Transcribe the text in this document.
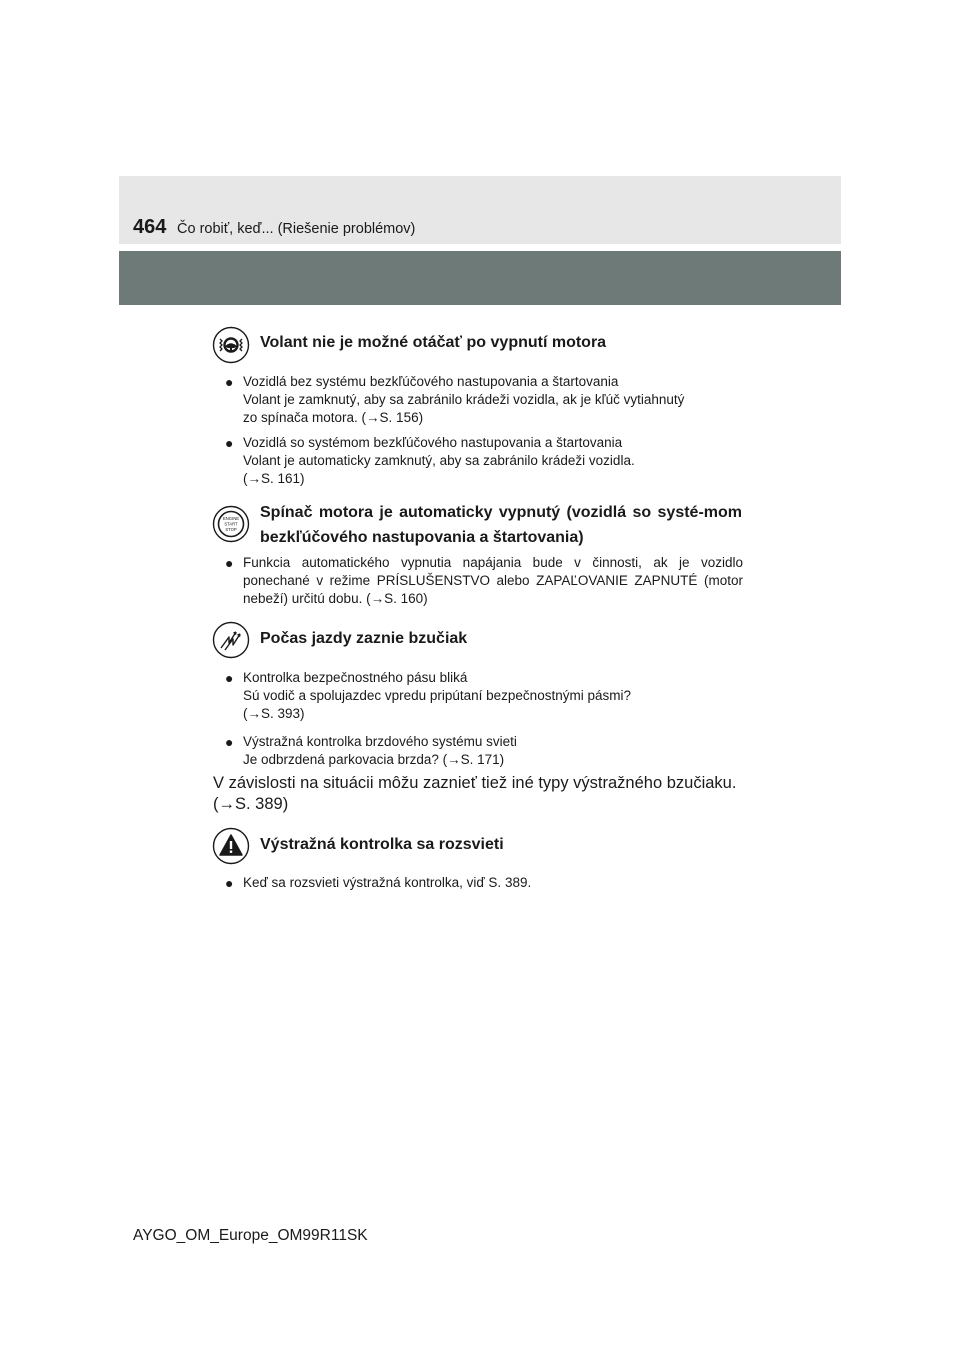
464 Čo robiť, keď... (Riešenie problémov)
Volant nie je možné otáčať po vypnutí motora
● Vozidlá bez systému bezkľúčového nastupovania a štartovania
Volant je zamknutý, aby sa zabránilo krádeži vozidla, ak je kľúč vytiahnutý
zo spínača motora. (→S. 156)
● Vozidlá so systémom bezkľúčového nastupovania a štartovania
Volant je automaticky zamknutý, aby sa zabránilo krádeži vozidla.
(→S. 161)
ENGINE
START
STOP
Spínač motora je automaticky vypnutý (vozidlá so systé-mom bezkľúčového nastupovania a štartovania)
● Funkcia automatického vypnutia napájania bude v činnosti, ak je vozidlo ponechané v režime PRÍSLUŠENSTVO alebo ZAPAĽOVANIE ZAPNUTÉ (motor nebeží) určitú dobu. (→S. 160)
Počas jazdy zaznie bzučiak
● Kontrolka bezpečnostného pásu bliká
Sú vodič a spolujazdec vpredu pripútaní bezpečnostnými pásmi?
(→S. 393)
● Výstražná kontrolka brzdového systému svieti
Je odbrzdená parkovacia brzda? (→S. 171)
V závislosti na situácii môžu zaznieť tiež iné typy výstražného bzučiaku.
(→S. 389)
Výstražná kontrolka sa rozsvieti
● Keď sa rozsvieti výstražná kontrolka, viď S. 389.
AYGO_OM_Europe_OM99R11SK
